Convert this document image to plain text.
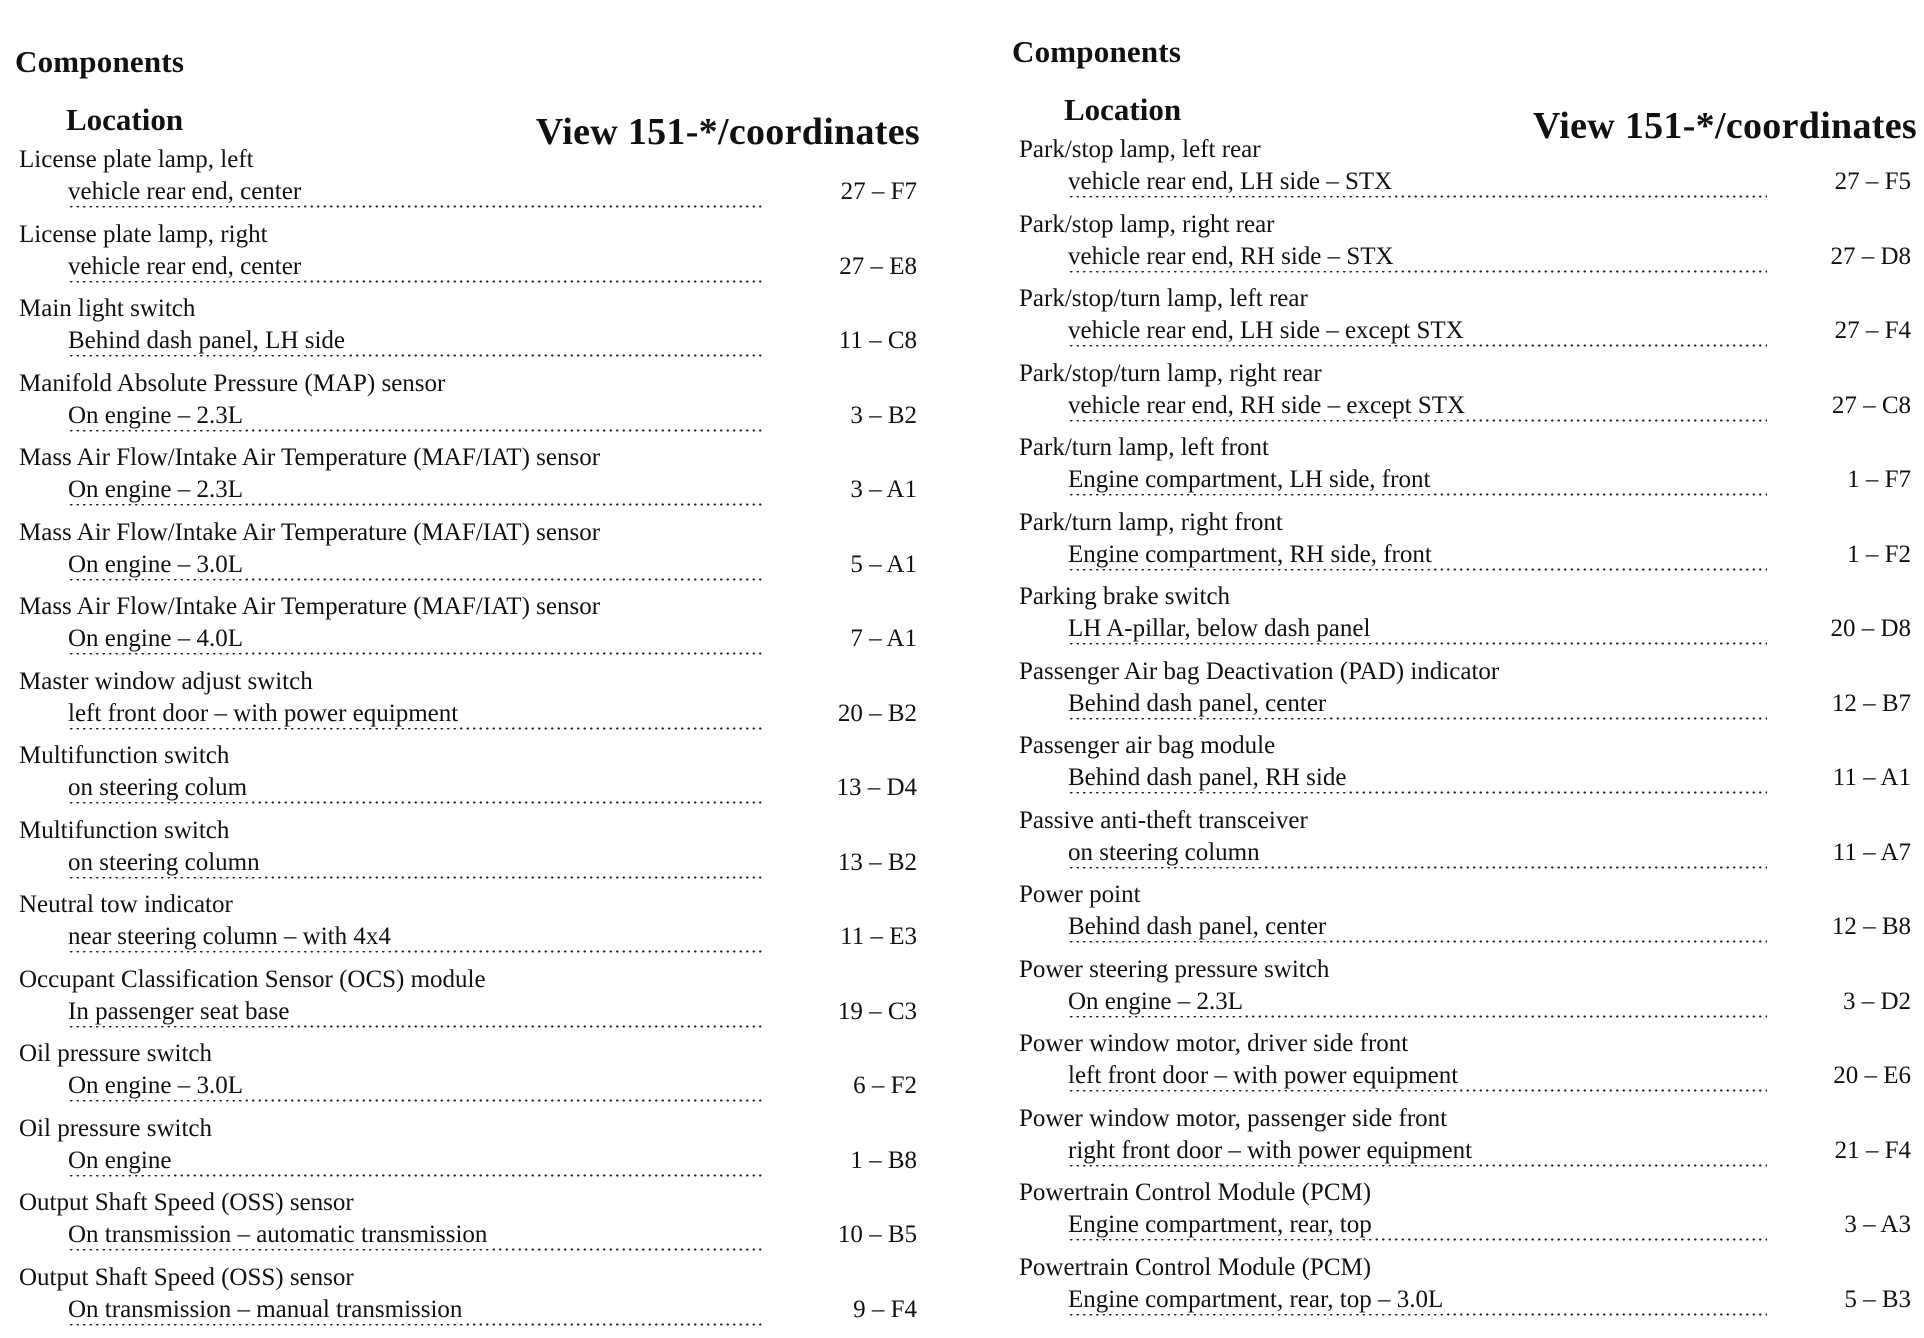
Components
Location	View 151-*/coordinates
License plate lamp, left
vehicle rear end, center	27 – F7
License plate lamp, right
vehicle rear end, center	27 – E8
Main light switch
Behind dash panel, LH side	11 – C8
Manifold Absolute Pressure (MAP) sensor
On engine – 2.3L	3 – B2
Mass Air Flow/Intake Air Temperature (MAF/IAT) sensor
On engine – 2.3L	3 – A1
Mass Air Flow/Intake Air Temperature (MAF/IAT) sensor
On engine – 3.0L	5 – A1
Mass Air Flow/Intake Air Temperature (MAF/IAT) sensor
On engine – 4.0L	7 – A1
Master window adjust switch
left front door – with power equipment	20 – B2
Multifunction switch
on steering colum	13 – D4
Multifunction switch
on steering column	13 – B2
Neutral tow indicator
near steering column – with 4x4	11 – E3
Occupant Classification Sensor (OCS) module
In passenger seat base	19 – C3
Oil pressure switch
On engine – 3.0L	6 – F2
Oil pressure switch
On engine	1 – B8
Output Shaft Speed (OSS) sensor
On transmission – automatic transmission	10 – B5
Output Shaft Speed (OSS) sensor
On transmission – manual transmission	9 – F4
Components
Location	View 151-*/coordinates
Park/stop lamp, left rear
vehicle rear end, LH side – STX	27 – F5
Park/stop lamp, right rear
vehicle rear end, RH side – STX	27 – D8
Park/stop/turn lamp, left rear
vehicle rear end, LH side – except STX	27 – F4
Park/stop/turn lamp, right rear
vehicle rear end, RH side – except STX	27 – C8
Park/turn lamp, left front
Engine compartment, LH side, front	1 – F7
Park/turn lamp, right front
Engine compartment, RH side, front	1 – F2
Parking brake switch
LH A-pillar, below dash panel	20 – D8
Passenger Air bag Deactivation (PAD) indicator
Behind dash panel, center	12 – B7
Passenger air bag module
Behind dash panel, RH side	11 – A1
Passive anti-theft transceiver
on steering column	11 – A7
Power point
Behind dash panel, center	12 – B8
Power steering pressure switch
On engine – 2.3L	3 – D2
Power window motor, driver side front
left front door – with power equipment	20 – E6
Power window motor, passenger side front
right front door – with power equipment	21 – F4
Powertrain Control Module (PCM)
Engine compartment, rear, top	3 – A3
Powertrain Control Module (PCM)
Engine compartment, rear, top – 3.0L	5 – B3
